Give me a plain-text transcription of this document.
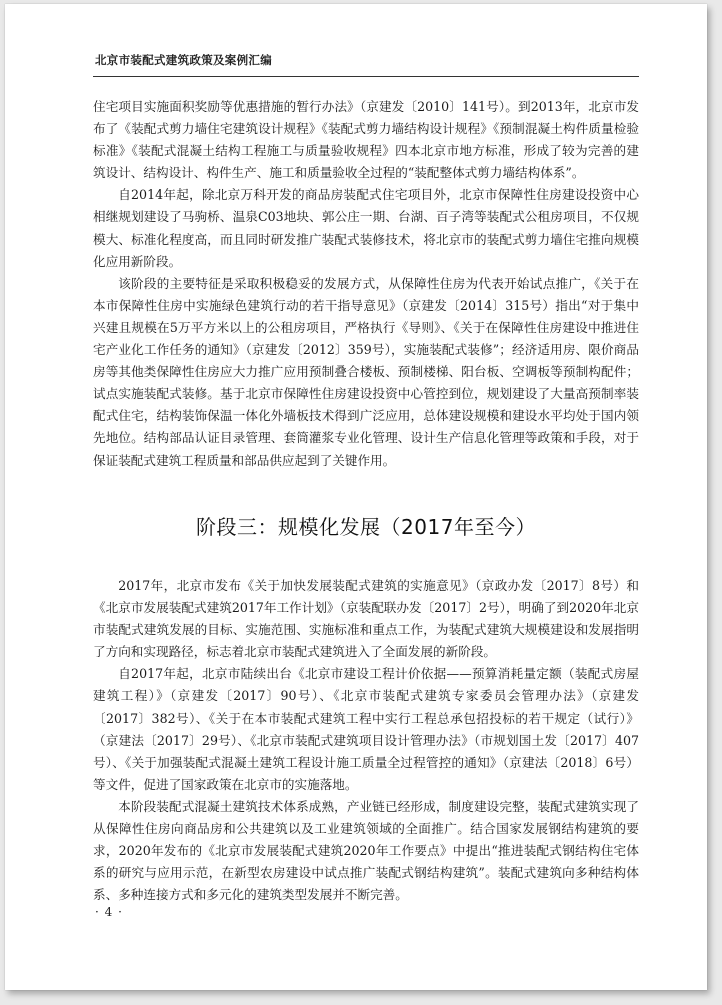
北京市装配式建筑政策及案例汇编

住宅项目实施面积奖励等优惠措施的暂行办法》（京建发〔2010〕141号）。到2013年，北京市发布了《装配式剪力墙住宅建筑设计规程》《装配式剪力墙结构设计规程》《预制混凝土构件质量检验标准》《装配式混凝土结构工程施工与质量验收规程》四本北京市地方标准，形成了较为完善的建筑设计、结构设计、构件生产、施工和质量验收全过程的“装配整体式剪力墙结构体系”。

自2014年起，除北京万科开发的商品房装配式住宅项目外，北京市保障性住房建设投资中心相继规划建设了马驹桥、温泉C03地块、郭公庄一期、台湖、百子湾等装配式公租房项目，不仅规模大、标准化程度高，而且同时研发推广装配式装修技术，将北京市的装配式剪力墙住宅推向规模化应用新阶段。

该阶段的主要特征是采取积极稳妥的发展方式，从保障性住房为代表开始试点推广，《关于在本市保障性住房中实施绿色建筑行动的若干指导意见》（京建发〔2014〕315号）指出“对于集中兴建且规模在5万平方米以上的公租房项目，严格执行《导则》、《关于在保障性住房建设中推进住宅产业化工作任务的通知》（京建发〔2012〕359号），实施装配式装修”；经济适用房、限价商品房等其他类保障性住房应大力推广应用预制叠合楼板、预制楼梯、阳台板、空调板等预制构配件；试点实施装配式装修。基于北京市保障性住房建设投资中心管控到位，规划建设了大量高预制率装配式住宅，结构装饰保温一体化外墙板技术得到广泛应用，总体建设规模和建设水平均处于国内领先地位。结构部品认证目录管理、套筒灌浆专业化管理、设计生产信息化管理等政策和手段，对于保证装配式建筑工程质量和部品供应起到了关键作用。

阶段三：规模化发展（2017年至今）

2017年，北京市发布《关于加快发展装配式建筑的实施意见》（京政办发〔2017〕8号）和《北京市发展装配式建筑2017年工作计划》（京装配联办发〔2017〕2号），明确了到2020年北京市装配式建筑发展的目标、实施范围、实施标准和重点工作，为装配式建筑大规模建设和发展指明了方向和实现路径，标志着北京市装配式建筑进入了全面发展的新阶段。

自2017年起，北京市陆续出台《北京市建设工程计价依据——预算消耗量定额（装配式房屋建筑工程）》（京建发〔2017〕90号）、《北京市装配式建筑专家委员会管理办法》（京建发〔2017〕382号）、《关于在本市装配式建筑工程中实行工程总承包招投标的若干规定（试行）》（京建法〔2017〕29号）、《北京市装配式建筑项目设计管理办法》（市规划国土发〔2017〕407号）、《关于加强装配式混凝土建筑工程设计施工质量全过程管控的通知》（京建法〔2018〕6号）等文件，促进了国家政策在北京市的实施落地。

本阶段装配式混凝土建筑技术体系成熟，产业链已经形成，制度建设完整，装配式建筑实现了从保障性住房向商品房和公共建筑以及工业建筑领域的全面推广。结合国家发展钢结构建筑的要求，2020年发布的《北京市发展装配式建筑2020年工作要点》中提出“推进装配式钢结构住宅体系的研究与应用示范，在新型农房建设中试点推广装配式钢结构建筑”。装配式建筑向多种结构体系、多种连接方式和多元化的建筑类型发展并不断完善。

· 4 ·
